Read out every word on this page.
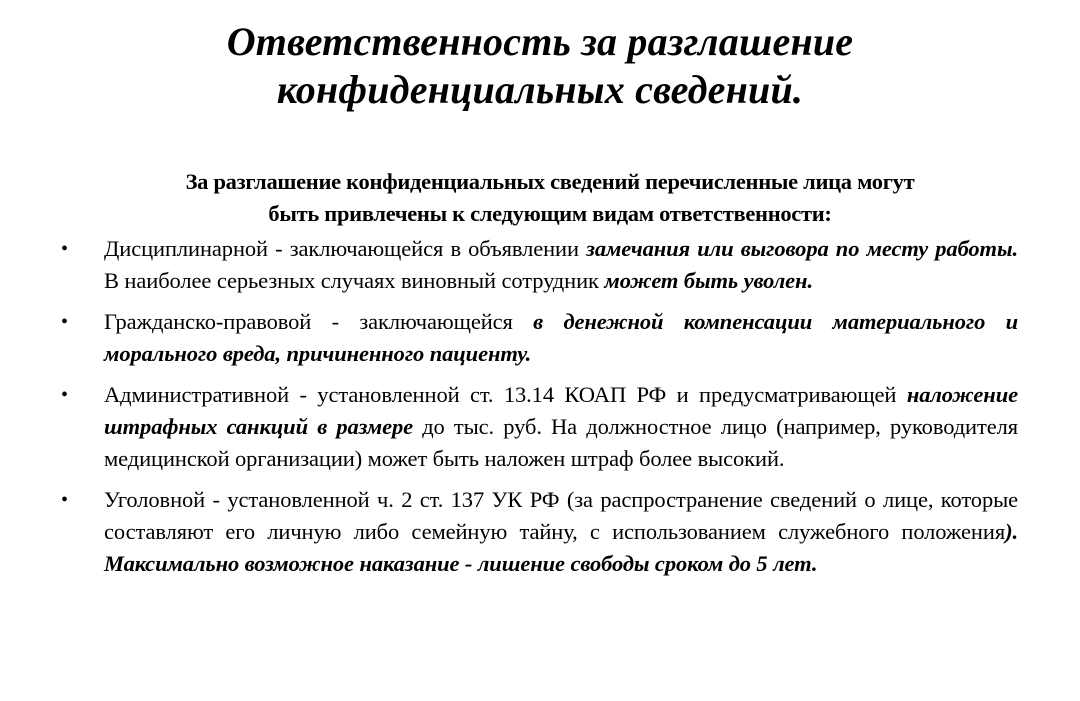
Ответственность за разглашение
конфиденциальных сведений.
За разглашение конфиденциальных сведений перечисленные лица могут
быть привлечены к следующим видам ответственности:
• Дисциплинарной - заключающейся в объявлении замечания или выговора по месту работы. В наиболее серьезных случаях виновный сотрудник может быть уволен.
• Гражданско-правовой - заключающейся в денежной компенсации материального и морального вреда, причиненного пациенту.
• Административной - установленной ст. 13.14 КОАП РФ и предусматривающей наложение штрафных санкций в размере до тыс. руб. На должностное лицо (например, руководителя медицинской организации) может быть наложен штраф более высокий.
• Уголовной - установленной ч. 2 ст. 137 УК РФ (за распространение сведений о лице, которые составляют его личную либо семейную тайну, с использованием служебного положения). Максимально возможное наказание - лишение свободы сроком до 5 лет.
